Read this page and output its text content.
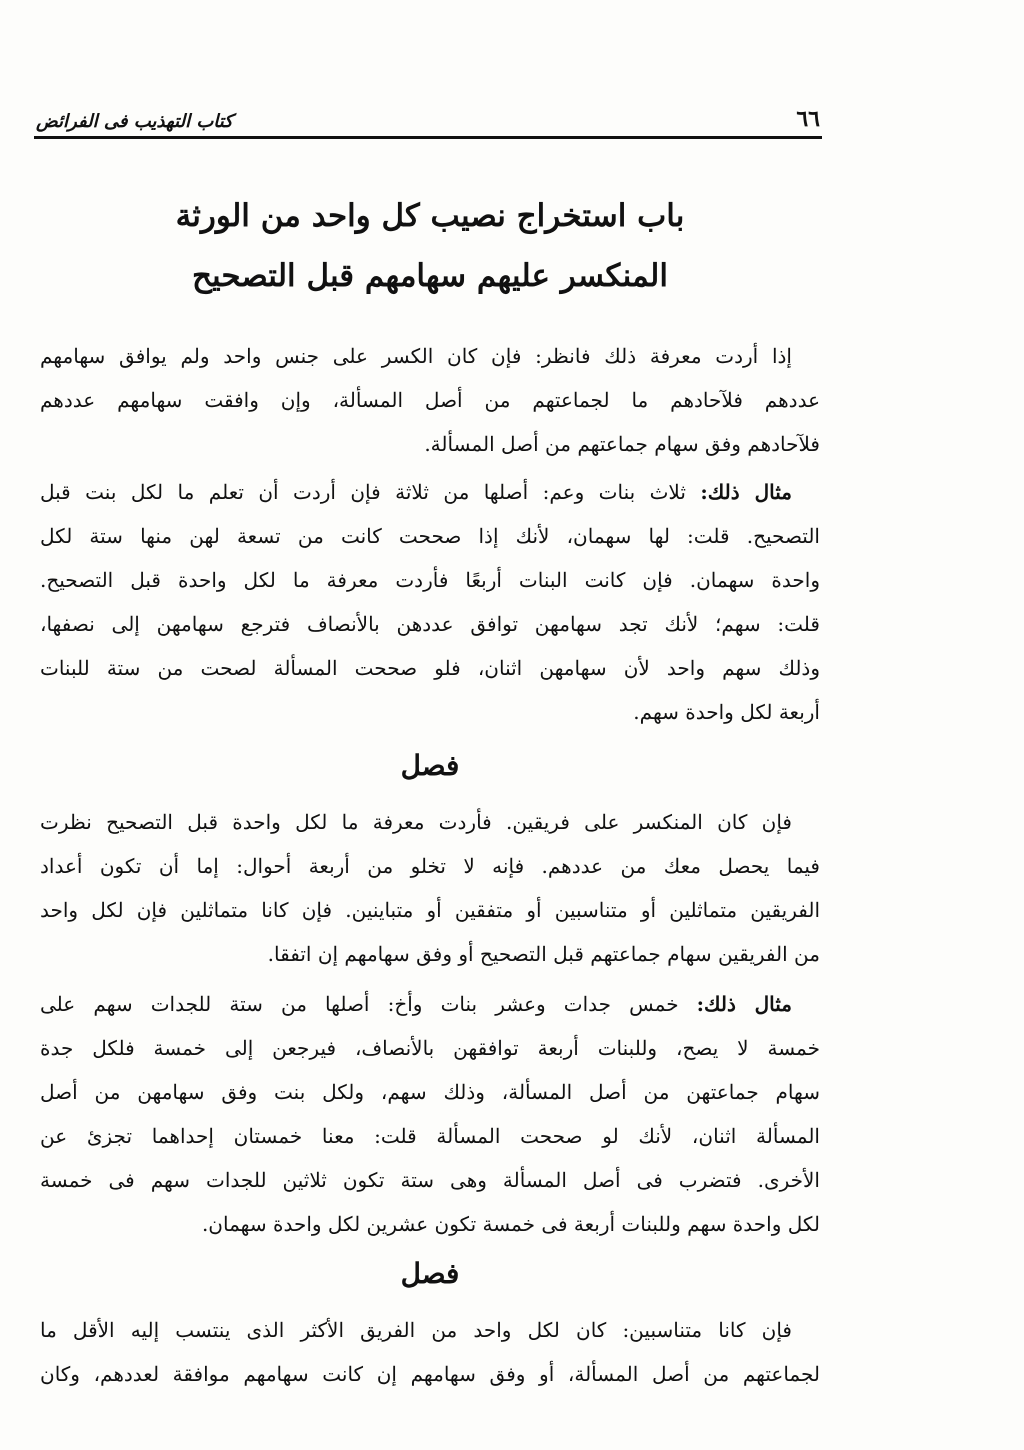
٦٦
كتاب التهذيب فى الفرائض
باب استخراج نصيب كل واحد من الورثة
المنكسر عليهم سهامهم قبل التصحيح
إذا أردت معرفة ذلك فانظر: فإن كان الكسر على جنس واحد ولم يوافق سهامهم
عددهم فلآحادهم ما لجماعتهم من أصل المسألة، وإن وافقت سهامهم عددهم
فلآحادهم وفق سهام جماعتهم من أصل المسألة.
مثال ذلك: ثلاث بنات وعم: أصلها من ثلاثة فإن أردت أن تعلم ما لكل بنت قبل
التصحيح. قلت: لها سهمان، لأنك إذا صححت كانت من تسعة لهن منها ستة لكل
واحدة سهمان. فإن كانت البنات أربعًا فأردت معرفة ما لكل واحدة قبل التصحيح.
قلت: سهم؛ لأنك تجد سهامهن توافق عددهن بالأنصاف فترجع سهامهن إلى نصفها،
وذلك سهم واحد لأن سهامهن اثنان، فلو صححت المسألة لصحت من ستة للبنات
أربعة لكل واحدة سهم.
فصل
فإن كان المنكسر على فريقين. فأردت معرفة ما لكل واحدة قبل التصحيح نظرت
فيما يحصل معك من عددهم. فإنه لا تخلو من أربعة أحوال: إما أن تكون أعداد
الفريقين متماثلين أو متناسبين أو متفقين أو متباينين. فإن كانا متماثلين فإن لكل واحد
من الفريقين سهام جماعتهم قبل التصحيح أو وفق سهامهم إن اتفقا.
مثال ذلك: خمس جدات وعشر بنات وأخ: أصلها من ستة للجدات سهم على
خمسة لا يصح، وللبنات أربعة توافقهن بالأنصاف، فيرجعن إلى خمسة فلكل جدة
سهام جماعتهن من أصل المسألة، وذلك سهم، ولكل بنت وفق سهامهن من أصل
المسألة اثنان، لأنك لو صححت المسألة قلت: معنا خمستان إحداهما تجزئ عن
الأخرى. فتضرب فى أصل المسألة وهى ستة تكون ثلاثين للجدات سهم فى خمسة
لكل واحدة سهم وللبنات أربعة فى خمسة تكون عشرين لكل واحدة سهمان.
فصل
فإن كانا متناسبين: كان لكل واحد من الفريق الأكثر الذى ينتسب إليه الأقل ما
لجماعتهم من أصل المسألة، أو وفق سهامهم إن كانت سهامهم موافقة لعددهم، وكان
